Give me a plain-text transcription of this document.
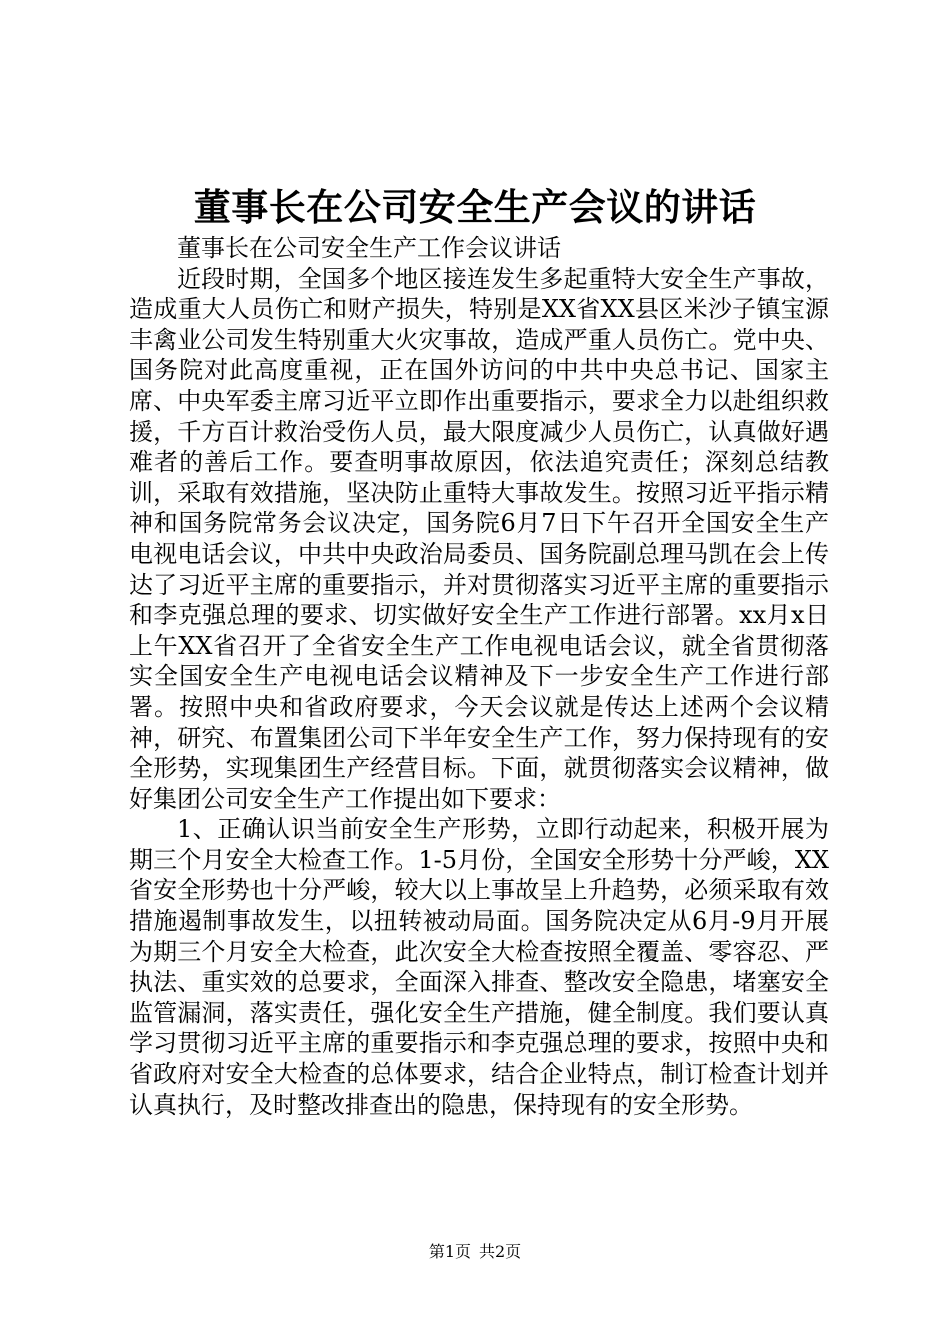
董事长在公司安全生产会议的讲话

董事长在公司安全生产工作会议讲话

近段时期，全国多个地区接连发生多起重特大安全生产事故，造成重大人员伤亡和财产损失，特别是XX省XX县区米沙子镇宝源丰禽业公司发生特别重大火灾事故，造成严重人员伤亡。党中央、国务院对此高度重视，正在国外访问的中共中央总书记、国家主席、中央军委主席习近平立即作出重要指示，要求全力以赴组织救援，千方百计救治受伤人员，最大限度减少人员伤亡，认真做好遇难者的善后工作。要查明事故原因，依法追究责任；深刻总结教训，采取有效措施，坚决防止重特大事故发生。按照习近平指示精神和国务院常务会议决定，国务院6月7日下午召开全国安全生产电视电话会议，中共中央政治局委员、国务院副总理马凯在会上传达了习近平主席的重要指示，并对贯彻落实习近平主席的重要指示和李克强总理的要求、切实做好安全生产工作进行部署。xx月x日上午XX省召开了全省安全生产工作电视电话会议，就全省贯彻落实全国安全生产电视电话会议精神及下一步安全生产工作进行部署。按照中央和省政府要求，今天会议就是传达上述两个会议精神，研究、布置集团公司下半年安全生产工作，努力保持现有的安全形势，实现集团生产经营目标。下面，就贯彻落实会议精神，做好集团公司安全生产工作提出如下要求：

1、正确认识当前安全生产形势，立即行动起来，积极开展为期三个月安全大检查工作。1-5月份，全国安全形势十分严峻，XX省安全形势也十分严峻，较大以上事故呈上升趋势，必须采取有效措施遏制事故发生，以扭转被动局面。国务院决定从6月-9月开展为期三个月安全大检查，此次安全大检查按照全覆盖、零容忍、严执法、重实效的总要求，全面深入排查、整改安全隐患，堵塞安全监管漏洞，落实责任，强化安全生产措施，健全制度。我们要认真学习贯彻习近平主席的重要指示和李克强总理的要求，按照中央和省政府对安全大检查的总体要求，结合企业特点，制订检查计划并认真执行，及时整改排查出的隐患，保持现有的安全形势。

第1页 共2页
